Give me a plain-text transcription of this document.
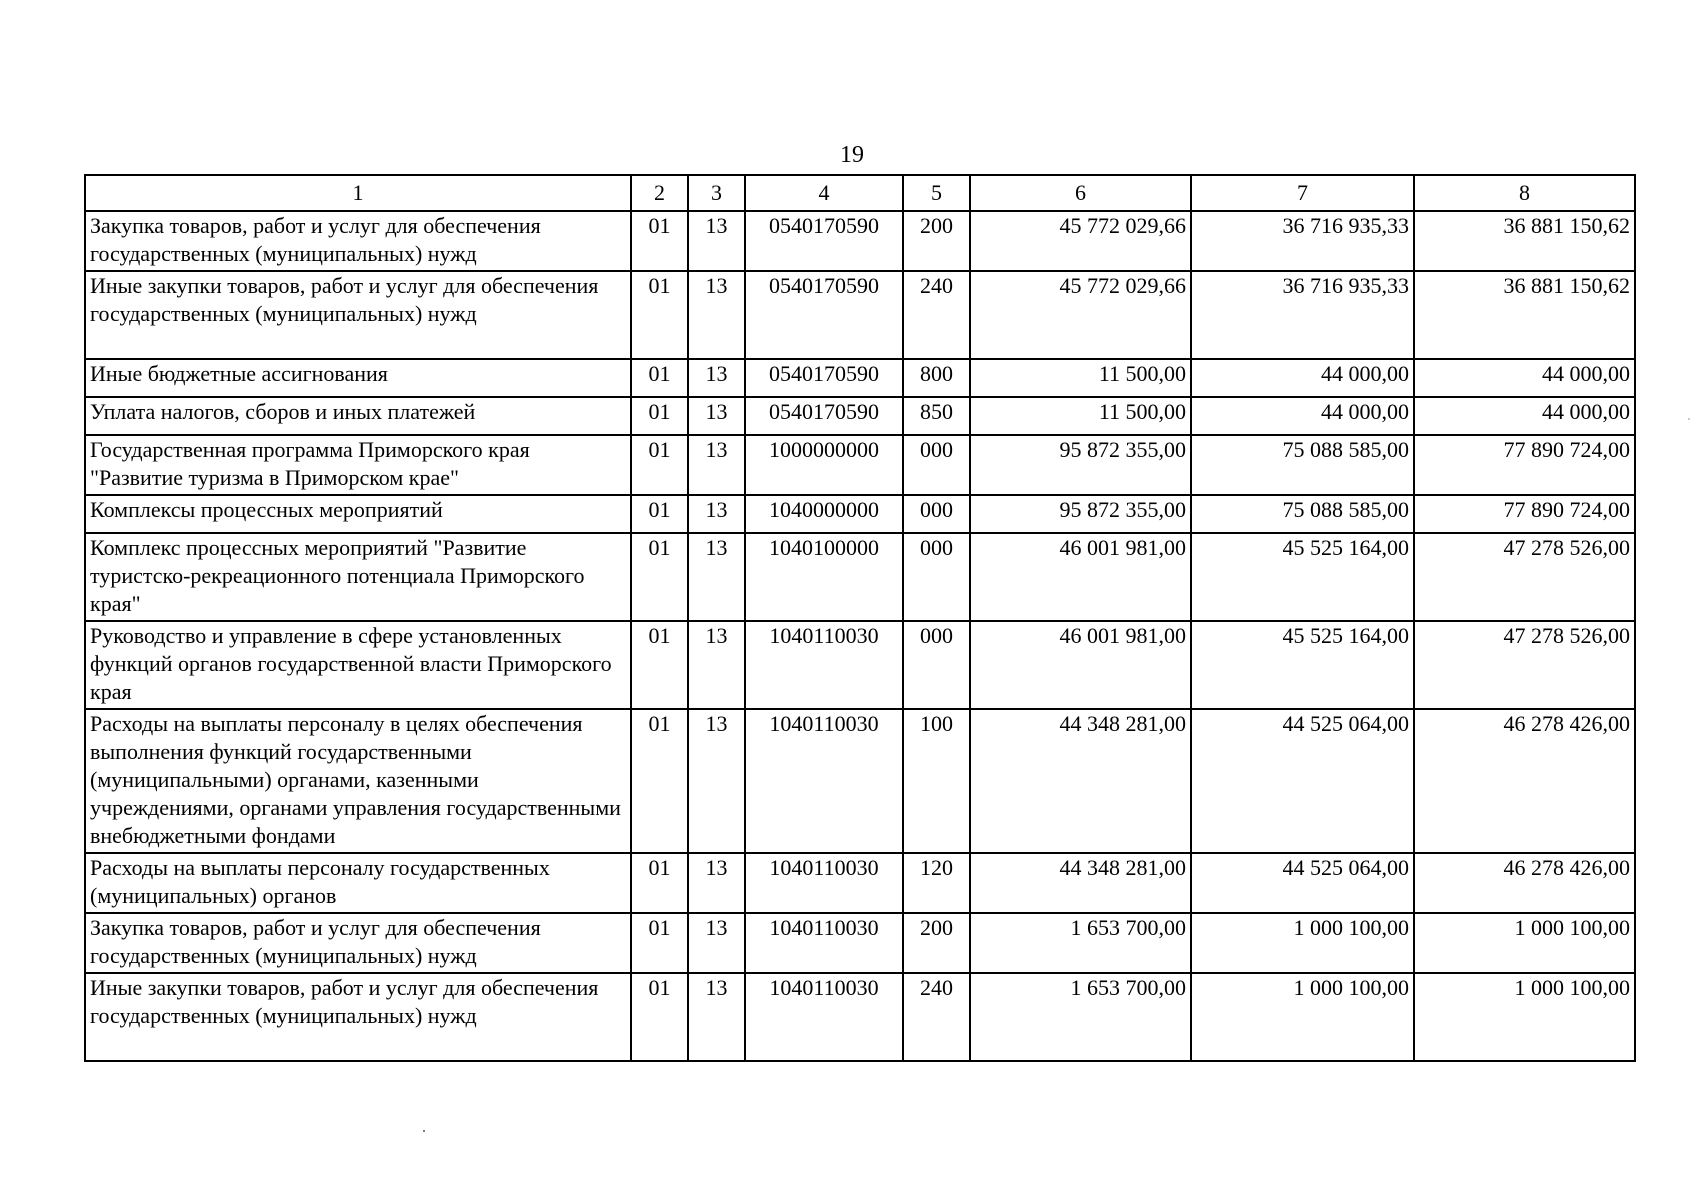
19
1	2	3	4	5	6	7	8
Закупка товаров, работ и услуг для обеспечения государственных (муниципальных) нужд	01	13	0540170590	200	45 772 029,66	36 716 935,33	36 881 150,62
Иные закупки товаров, работ и услуг для обеспечения государственных (муниципальных) нужд	01	13	0540170590	240	45 772 029,66	36 716 935,33	36 881 150,62
Иные бюджетные ассигнования	01	13	0540170590	800	11 500,00	44 000,00	44 000,00
Уплата налогов, сборов и иных платежей	01	13	0540170590	850	11 500,00	44 000,00	44 000,00
Государственная программа Приморского края "Развитие туризма в Приморском крае"	01	13	1000000000	000	95 872 355,00	75 088 585,00	77 890 724,00
Комплексы процессных мероприятий	01	13	1040000000	000	95 872 355,00	75 088 585,00	77 890 724,00
Комплекс процессных мероприятий "Развитие туристско-рекреационного потенциала Приморского края"	01	13	1040100000	000	46 001 981,00	45 525 164,00	47 278 526,00
Руководство и управление в сфере установленных функций органов государственной власти Приморского края	01	13	1040110030	000	46 001 981,00	45 525 164,00	47 278 526,00
Расходы на выплаты персоналу в целях обеспечения выполнения функций государственными (муниципальными) органами, казенными учреждениями, органами управления государственными внебюджетными фондами	01	13	1040110030	100	44 348 281,00	44 525 064,00	46 278 426,00
Расходы на выплаты персоналу государственных (муниципальных) органов	01	13	1040110030	120	44 348 281,00	44 525 064,00	46 278 426,00
Закупка товаров, работ и услуг для обеспечения государственных (муниципальных) нужд	01	13	1040110030	200	1 653 700,00	1 000 100,00	1 000 100,00
Иные закупки товаров, работ и услуг для обеспечения государственных (муниципальных) нужд	01	13	1040110030	240	1 653 700,00	1 000 100,00	1 000 100,00
